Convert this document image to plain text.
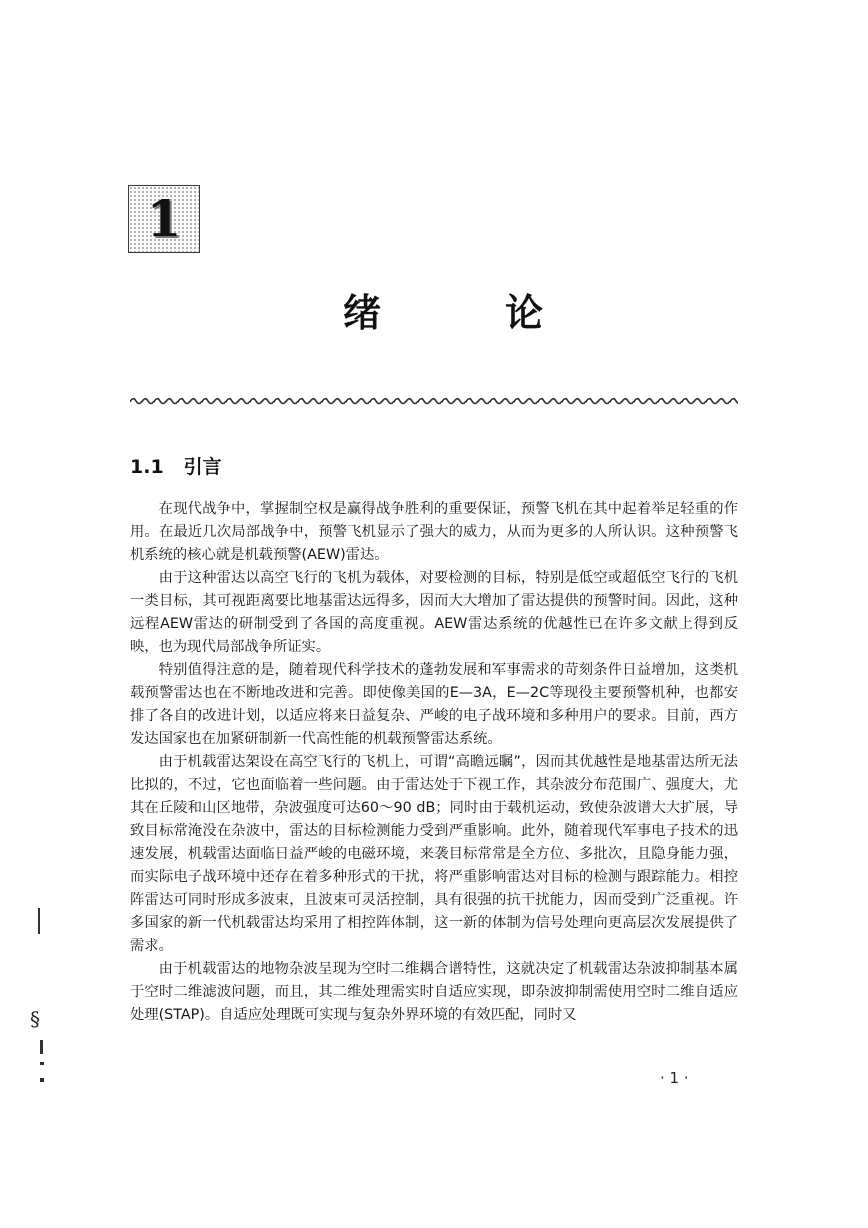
1
绪	论
1.1 引言

在现代战争中，掌握制空权是赢得战争胜利的重要保证，预警飞机在其中起着举足轻重的作用。在最近几次局部战争中，预警飞机显示了强大的威力，从而为更多的人所认识。这种预警飞机系统的核心就是机载预警(AEW)雷达。

由于这种雷达以高空飞行的飞机为载体，对要检测的目标，特别是低空或超低空飞行的飞机一类目标，其可视距离要比地基雷达远得多，因而大大增加了雷达提供的预警时间。因此，这种远程AEW雷达的研制受到了各国的高度重视。AEW雷达系统的优越性已在许多文献上得到反映，也为现代局部战争所证实。

特别值得注意的是，随着现代科学技术的蓬勃发展和军事需求的苛刻条件日益增加，这类机载预警雷达也在不断地改进和完善。即使像美国的E—3A，E—2C等现役主要预警机种，也都安排了各自的改进计划，以适应将来日益复杂、严峻的电子战环境和多种用户的要求。目前，西方发达国家也在加紧研制新一代高性能的机载预警雷达系统。

由于机载雷达架设在高空飞行的飞机上，可谓“高瞻远瞩”，因而其优越性是地基雷达所无法比拟的，不过，它也面临着一些问题。由于雷达处于下视工作，其杂波分布范围广、强度大，尤其在丘陵和山区地带，杂波强度可达60～90 dB；同时由于载机运动，致使杂波谱大大扩展，导致目标常淹没在杂波中，雷达的目标检测能力受到严重影响。此外，随着现代军事电子技术的迅速发展，机载雷达面临日益严峻的电磁环境，来袭目标常常是全方位、多批次，且隐身能力强，而实际电子战环境中还存在着多种形式的干扰，将严重影响雷达对目标的检测与跟踪能力。相控阵雷达可同时形成多波束，且波束可灵活控制，具有很强的抗干扰能力，因而受到广泛重视。许多国家的新一代机载雷达均采用了相控阵体制，这一新的体制为信号处理向更高层次发展提供了需求。

由于机载雷达的地物杂波呈现为空时二维耦合谱特性，这就决定了机载雷达杂波抑制基本属于空时二维滤波问题，而且，其二维处理需实时自适应实现，即杂波抑制需使用空时二维自适应处理(STAP)。自适应处理既可实现与复杂外界环境的有效匹配，同时又

· 1 ·
§
